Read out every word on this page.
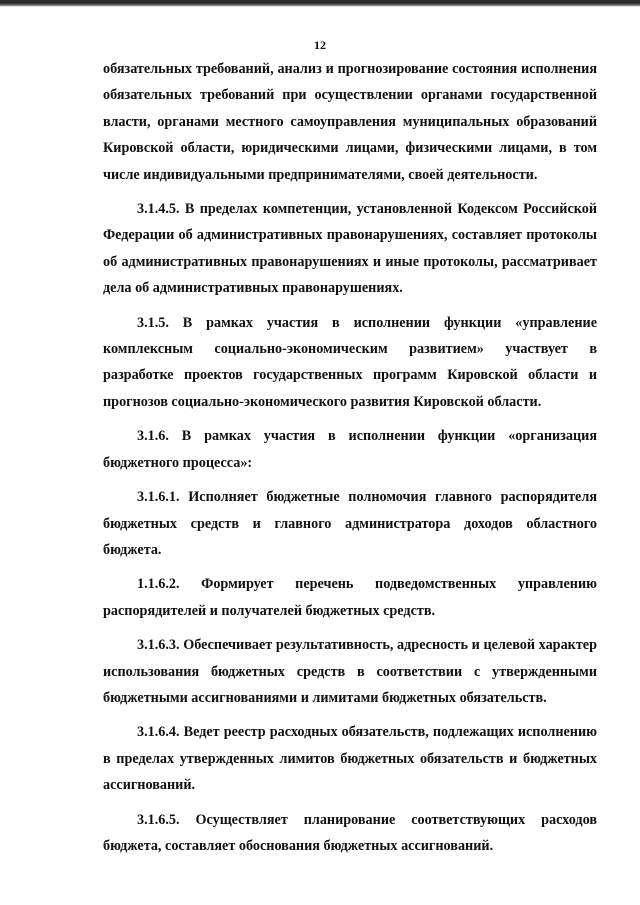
12

обязательных требований, анализ и прогнозирование состояния исполнения обязательных требований при осуществлении органами государственной власти, органами местного самоуправления муниципальных образований Кировской области, юридическими лицами, физическими лицами, в том числе индивидуальными предпринимателями, своей деятельности.

3.1.4.5. В пределах компетенции, установленной Кодексом Российской Федерации об административных правонарушениях, составляет протоколы об административных правонарушениях и иные протоколы, рассматривает дела об административных правонарушениях.

3.1.5. В рамках участия в исполнении функции «управление комплексным социально-экономическим развитием» участвует в разработке проектов государственных программ Кировской области и прогнозов социально-экономического развития Кировской области.

3.1.6. В рамках участия в исполнении функции «организация бюджетного процесса»:

3.1.6.1. Исполняет бюджетные полномочия главного распорядителя бюджетных средств и главного администратора доходов областного бюджета.

1.1.6.2. Формирует перечень подведомственных управлению распорядителей и получателей бюджетных средств.

3.1.6.3. Обеспечивает результативность, адресность и целевой характер использования бюджетных средств в соответствии с утвержденными бюджетными ассигнованиями и лимитами бюджетных обязательств.

3.1.6.4. Ведет реестр расходных обязательств, подлежащих исполнению в пределах утвержденных лимитов бюджетных обязательств и бюджетных ассигнований.

3.1.6.5. Осуществляет планирование соответствующих расходов бюджета, составляет обоснования бюджетных ассигнований.
